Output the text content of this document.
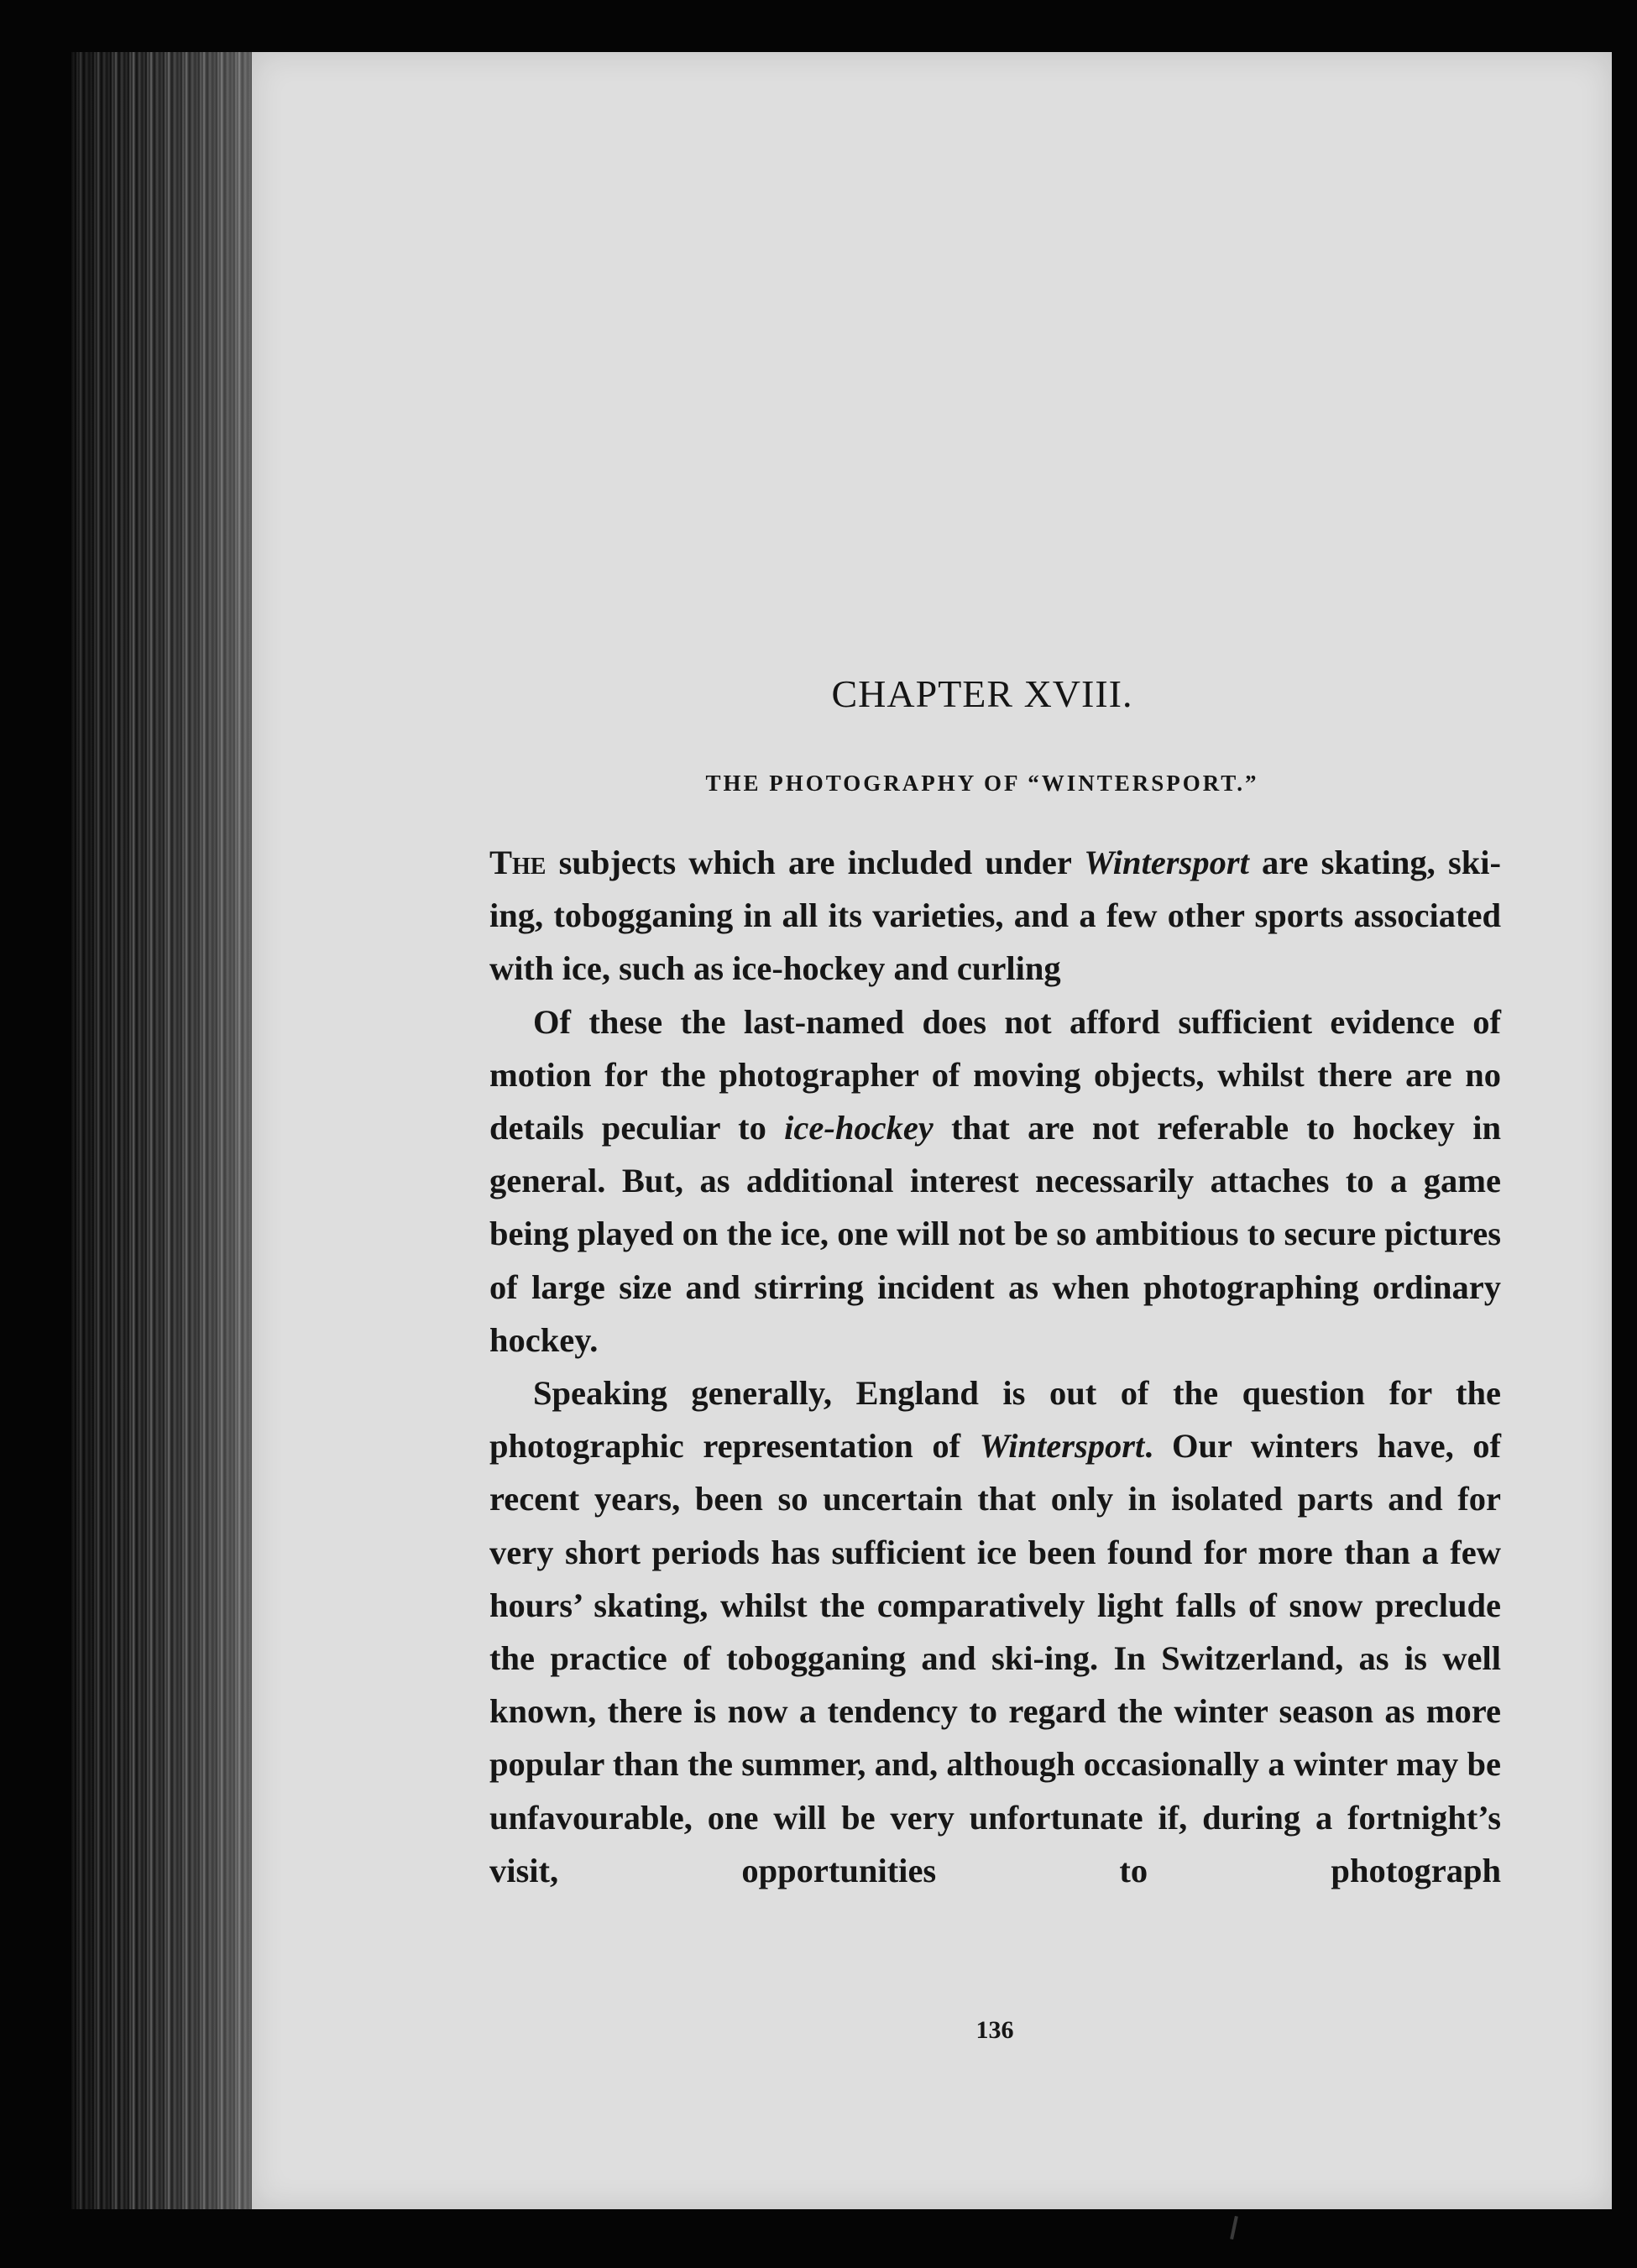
CHAPTER XVIII.
THE PHOTOGRAPHY OF “WINTERSPORT.”

The subjects which are included under Wintersport are skating, ski-ing, tobogganing in all its varieties, and a few other sports associated with ice, such as ice-hockey and curling

Of these the last-named does not afford sufficient evidence of motion for the photographer of moving objects, whilst there are no details peculiar to ice-hockey that are not referable to hockey in general. But, as additional interest necessarily attaches to a game being played on the ice, one will not be so ambitious to secure pictures of large size and stirring incident as when photographing ordinary hockey.

Speaking generally, England is out of the question for the photographic representation of Wintersport. Our winters have, of recent years, been so uncertain that only in isolated parts and for very short periods has sufficient ice been found for more than a few hours’ skating, whilst the comparatively light falls of snow preclude the practice of tobogganing and ski-ing. In Switzerland, as is well known, there is now a tendency to regard the winter season as more popular than the summer, and, although occasionally a winter may be unfavourable, one will be very unfortunate if, during a fortnight’s visit, opportunities to photograph

136
